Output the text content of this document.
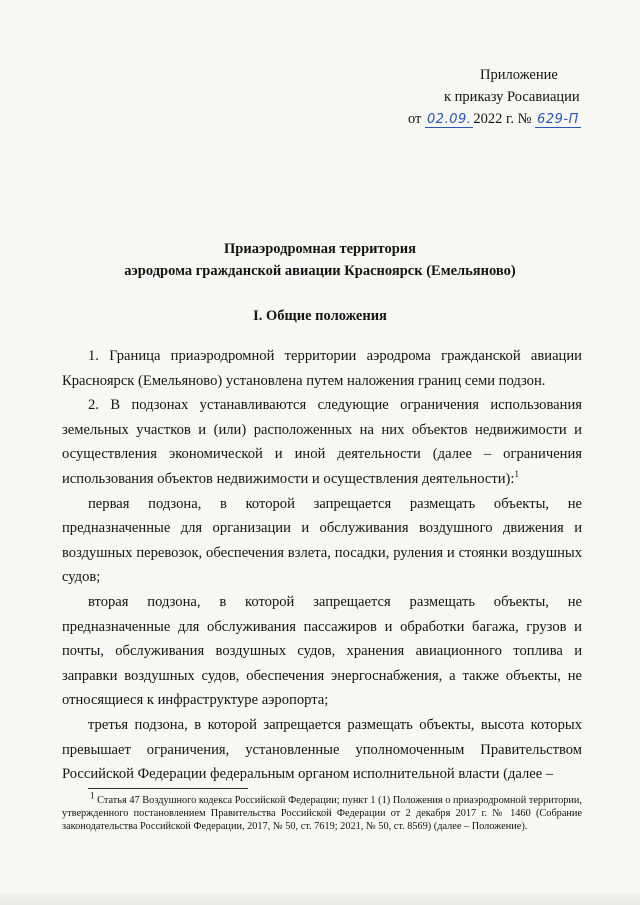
Приложение
к приказу Росавиации
от 02.09. 2022 г. № 629-П
Приаэродромная территория
аэродрома гражданской авиации Красноярск (Емельяново)
I. Общие положения

1. Граница приаэродромной территории аэродрома гражданской авиации Красноярск (Емельяново) установлена путем наложения границ семи подзон.

2. В подзонах устанавливаются следующие ограничения использования земельных участков и (или) расположенных на них объектов недвижимости и осуществления экономической и иной деятельности (далее – ограничения использования объектов недвижимости и осуществления деятельности):$^1$

первая подзона, в которой запрещается размещать объекты, не предназначенные для организации и обслуживания воздушного движения и воздушных перевозок, обеспечения взлета, посадки, руления и стоянки воздушных судов;

вторая подзона, в которой запрещается размещать объекты, не предназначенные для обслуживания пассажиров и обработки багажа, грузов и почты, обслуживания воздушных судов, хранения авиационного топлива и заправки воздушных судов, обеспечения энергоснабжения, а также объекты, не относящиеся к инфраструктуре аэропорта;

третья подзона, в которой запрещается размещать объекты, высота которых превышает ограничения, установленные уполномоченным Правительством Российской Федерации федеральным органом исполнительной власти (далее –

$^1$ Статья 47 Воздушного кодекса Российской Федерации; пункт 1 (1) Положения о приаэродромной территории, утвержденного постановлением Правительства Российской Федерации от 2 декабря 2017 г. № 1460 (Собрание законодательства Российской Федерации, 2017, № 50, ст. 7619; 2021, № 50, ст. 8569) (далее – Положение).
